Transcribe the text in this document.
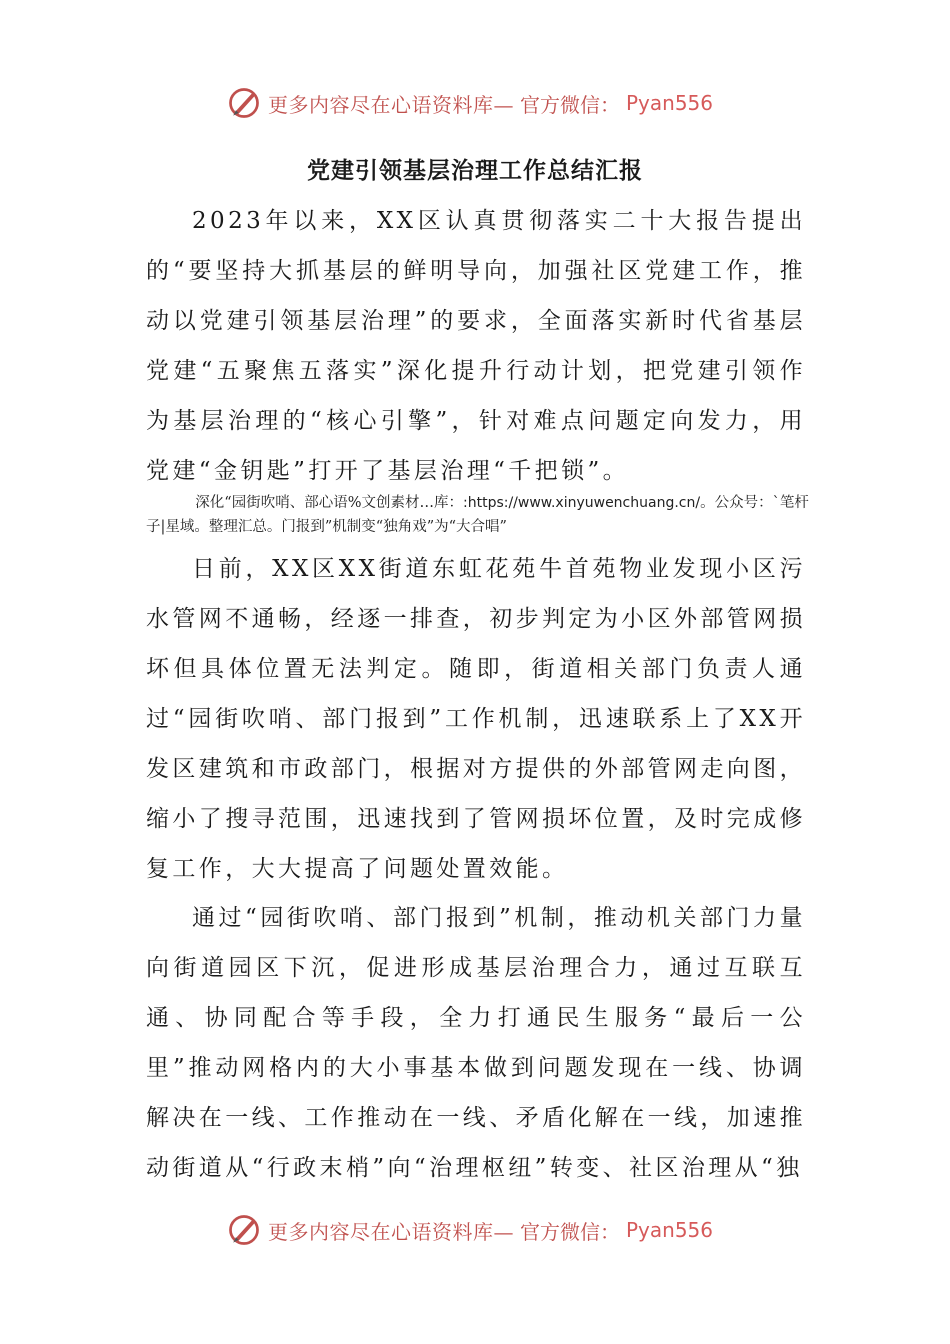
更多内容尽在心语资料库— 官方微信： Pyan556
党建引领基层治理工作总结汇报

2023年以来，XX区认真贯彻落实二十大报告提出的“要坚持大抓基层的鲜明导向，加强社区党建工作，推动以党建引领基层治理”的要求，全面落实新时代省基层党建“五聚焦五落实”深化提升行动计划，把党建引领作为基层治理的“核心引擎”，针对难点问题定向发力，用党建“金钥匙”打开了基层治理“千把锁”。

深化“园街吹哨、部心语%文创素材…库：:https://www.xinyuwenchuang.cn/。公众号：`笔杆子|星域。整理汇总。门报到”机制变“独角戏”为“大合唱”

日前，XX区XX街道东虹花苑牛首苑物业发现小区污水管网不通畅，经逐一排查，初步判定为小区外部管网损坏但具体位置无法判定。随即，街道相关部门负责人通过“园街吹哨、部门报到”工作机制，迅速联系上了XX开发区建筑和市政部门，根据对方提供的外部管网走向图，缩小了搜寻范围，迅速找到了管网损坏位置，及时完成修复工作，大大提高了问题处置效能。

通过“园街吹哨、部门报到”机制，推动机关部门力量向街道园区下沉，促进形成基层治理合力，通过互联互通、协同配合等手段，全力打通民生服务“最后一公里”推动网格内的大小事基本做到问题发现在一线、协调解决在一线、工作推动在一线、矛盾化解在一线，加速推动街道从“行政末梢”向“治理枢纽”转变、社区治理从“独

更多内容尽在心语资料库— 官方微信： Pyan556
